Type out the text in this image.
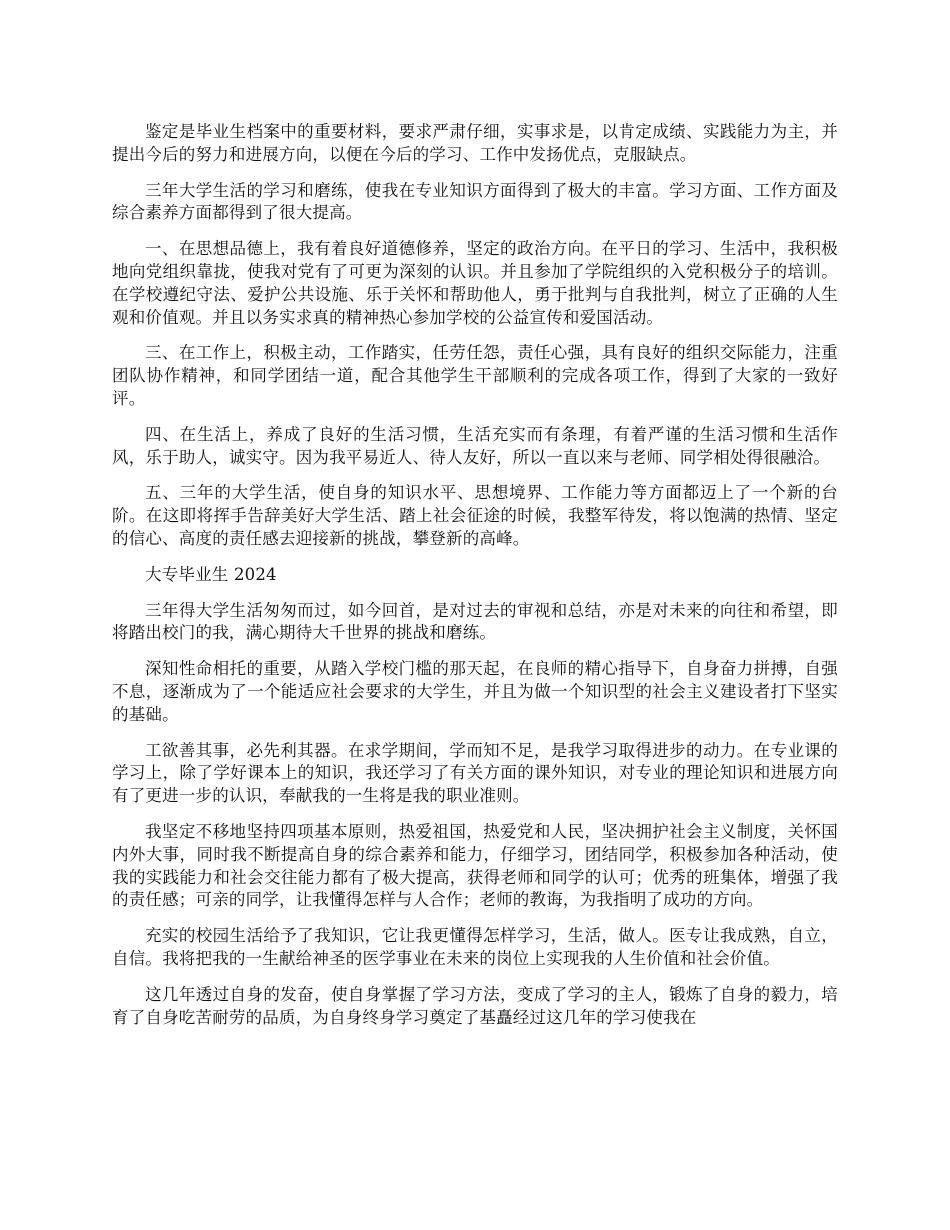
鉴定是毕业生档案中的重要材料，要求严肃仔细，实事求是，以肯定成绩、实践能力为主，并提出今后的努力和进展方向，以便在今后的学习、工作中发扬优点，克服缺点。

三年大学生活的学习和磨练，使我在专业知识方面得到了极大的丰富。学习方面、工作方面及综合素养方面都得到了很大提高。

一、在思想品德上，我有着良好道德修养，坚定的政治方向。在平日的学习、生活中，我积极地向党组织靠拢，使我对党有了可更为深刻的认识。并且参加了学院组织的入党积极分子的培训。在学校遵纪守法、爱护公共设施、乐于关怀和帮助他人，勇于批判与自我批判，树立了正确的人生观和价值观。并且以务实求真的精神热心参加学校的公益宣传和爱国活动。

三、在工作上，积极主动，工作踏实，任劳任怨，责任心强，具有良好的组织交际能力，注重团队协作精神，和同学团结一道，配合其他学生干部顺利的完成各项工作，得到了大家的一致好评。

四、在生活上，养成了良好的生活习惯，生活充实而有条理，有着严谨的生活习惯和生活作风，乐于助人，诚实守。因为我平易近人、待人友好，所以一直以来与老师、同学相处得很融洽。

五、三年的大学生活，使自身的知识水平、思想境界、工作能力等方面都迈上了一个新的台阶。在这即将挥手告辞美好大学生活、踏上社会征途的时候，我整军待发，将以饱满的热情、坚定的信心、高度的责任感去迎接新的挑战，攀登新的高峰。

大专毕业生 2024

三年得大学生活匆匆而过，如今回首，是对过去的审视和总结，亦是对未来的向往和希望，即将踏出校门的我，满心期待大千世界的挑战和磨练。

深知性命相托的重要，从踏入学校门槛的那天起，在良师的精心指导下，自身奋力拼搏，自强不息，逐渐成为了一个能适应社会要求的大学生，并且为做一个知识型的社会主义建设者打下坚实的基础。

工欲善其事，必先利其器。在求学期间，学而知不足，是我学习取得进步的动力。在专业课的学习上，除了学好课本上的知识，我还学习了有关方面的课外知识，对专业的理论知识和进展方向有了更进一步的认识，奉献我的一生将是我的职业准则。

我坚定不移地坚持四项基本原则，热爱祖国，热爱党和人民，坚决拥护社会主义制度，关怀国内外大事，同时我不断提高自身的综合素养和能力，仔细学习，团结同学，积极参加各种活动，使我的实践能力和社会交往能力都有了极大提高，获得老师和同学的认可；优秀的班集体，增强了我的责任感；可亲的同学，让我懂得怎样与人合作；老师的教诲，为我指明了成功的方向。

充实的校园生活给予了我知识，它让我更懂得怎样学习，生活，做人。医专让我成熟，自立，自信。我将把我的一生献给神圣的医学事业在未来的岗位上实现我的人生价值和社会价值。

这几年透过自身的发奋，使自身掌握了学习方法，变成了学习的主人，锻炼了自身的毅力，培育了自身吃苦耐劳的品质，为自身终身学习奠定了基矗经过这几年的学习使我在
